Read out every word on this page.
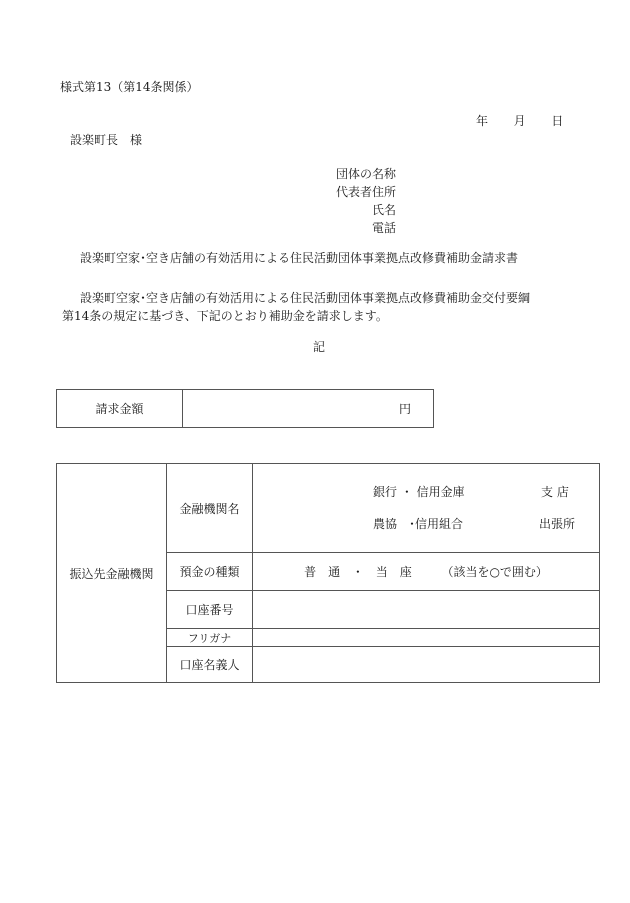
様式第13（第14条関係）
年 月 日
設楽町長　様
団体の名称
代表者住所
氏名
電話
設楽町空家･空き店舗の有効活用による住民活動団体事業拠点改修費補助金請求書

設楽町空家･空き店舗の有効活用による住民活動団体事業拠点改修費補助金交付要綱

第14条の規定に基づき、下記のとおり補助金を請求します。

記
請求金額	円
振込先金融機関	金融機関名	銀行 ・ 信用金庫 支 店
農協　･信用組合 出張所

	預金の種類	普　通 ・ 当　座 （該当を○で囲む）
	口座番号	
	フリガナ	
	口座名義人	
